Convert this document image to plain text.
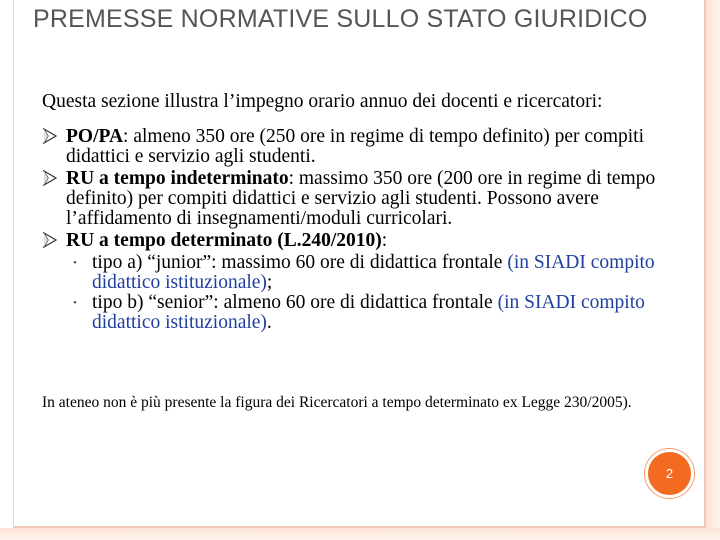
PREMESSE NORMATIVE SULLO STATO GIURIDICO
Questa sezione illustra l’impegno orario annuo dei docenti e ricercatori:
PO/PA: almeno 350 ore (250 ore in regime di tempo definito) per compiti didattici e servizio agli studenti.
RU a tempo indeterminato: massimo 350 ore (200 ore in regime di tempo definito) per compiti didattici e servizio agli studenti. Possono avere l’affidamento di insegnamenti/moduli curricolari.
RU a tempo determinato (L.240/2010):
• tipo a) “junior”: massimo 60 ore di didattica frontale (in SIADI compito didattico istituzionale);
• tipo b) “senior”: almeno 60 ore di didattica frontale (in SIADI compito didattico istituzionale).
In ateneo non è più presente la figura dei Ricercatori a tempo determinato ex Legge 230/2005).
2
